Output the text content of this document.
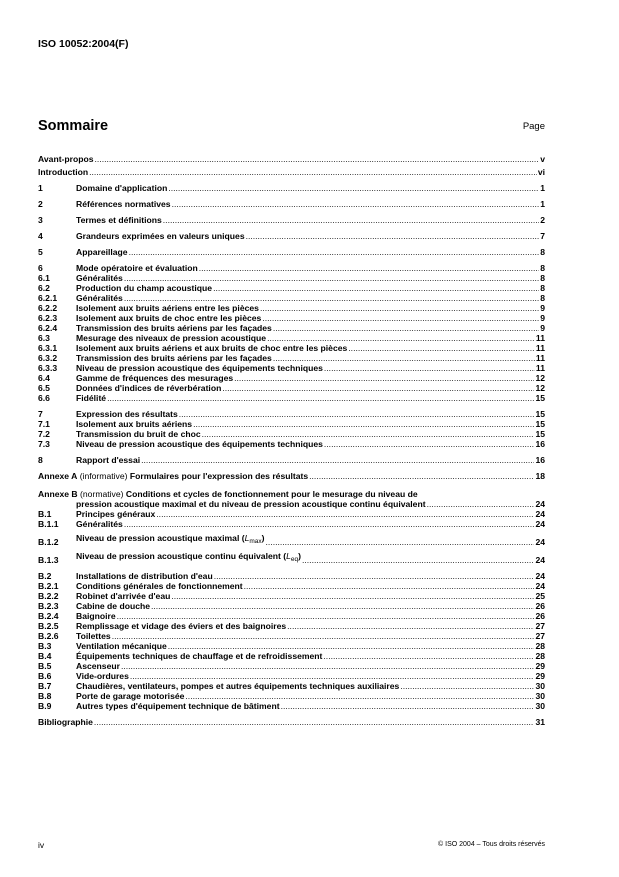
ISO 10052:2004(F)
Sommaire	Page
Avant-propos .....	v
Introduction .....	vi
1	Domaine d'application .....	1
2	Références normatives .....	1
3	Termes et définitions .....	2
4	Grandeurs exprimées en valeurs uniques .....	7
5	Appareillage .....	8
6	Mode opératoire et évaluation .....	8
6.1	Généralités .....	8
6.2	Production du champ acoustique .....	8
6.2.1	Généralités .....	8
6.2.2	Isolement aux bruits aériens entre les pièces .....	9
6.2.3	Isolement aux bruits de choc entre les pièces .....	9
6.2.4	Transmission des bruits aériens par les façades .....	9
6.3	Mesurage des niveaux de pression acoustique .....	11
6.3.1	Isolement aux bruits aériens et aux bruits de choc entre les pièces .....	11
6.3.2	Transmission des bruits aériens par les façades .....	11
6.3.3	Niveau de pression acoustique des équipements techniques .....	11
6.4	Gamme de fréquences des mesurages .....	12
6.5	Données d'indices de réverbération .....	12
6.6	Fidélité .....	15
7	Expression des résultats .....	15
7.1	Isolement aux bruits aériens .....	15
7.2	Transmission du bruit de choc .....	15
7.3	Niveau de pression acoustique des équipements techniques .....	16
8	Rapport d'essai .....	16
Annexe A (informative) Formulaires pour l'expression des résultats .....	18
Annexe B (normative) Conditions et cycles de fonctionnement pour le mesurage du niveau de
pression acoustique maximal et du niveau de pression acoustique continu équivalent .....	24
B.1	Principes généraux .....	24
B.1.1	Généralités .....	24
B.1.2	Niveau de pression acoustique maximal $(L_{max})$ .....	24
B.1.3	Niveau de pression acoustique continu équivalent $(L_{eq})$ .....	24
B.2	Installations de distribution d'eau .....	24
B.2.1	Conditions générales de fonctionnement .....	24
B.2.2	Robinet d'arrivée d'eau .....	25
B.2.3	Cabine de douche .....	26
B.2.4	Baignoire .....	26
B.2.5	Remplissage et vidage des éviers et des baignoires .....	27
B.2.6	Toilettes .....	27
B.3	Ventilation mécanique .....	28
B.4	Équipements techniques de chauffage et de refroidissement .....	28
B.5	Ascenseur .....	29
B.6	Vide-ordures .....	29
B.7	Chaudières, ventilateurs, pompes et autres équipements techniques auxiliaires .....	30
B.8	Porte de garage motorisée .....	30
B.9	Autres types d'équipement technique de bâtiment .....	30
Bibliographie .....	31
iv	© ISO 2004 – Tous droits réservés
